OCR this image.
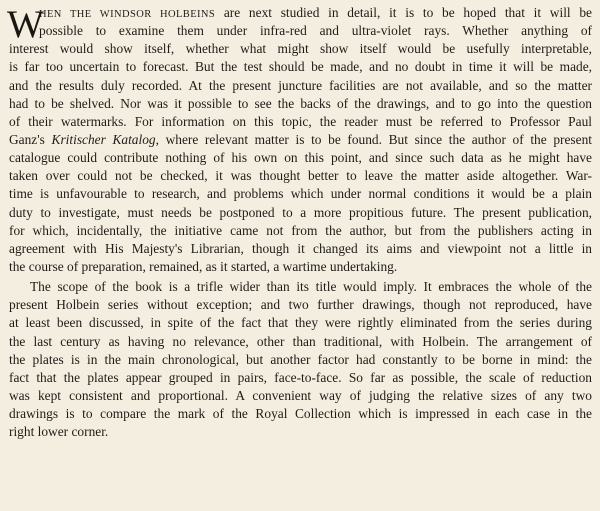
W
HEN THE WINDSOR HOLBEINS are next studied in detail, it is to be hoped that it will be
possible to examine them under infra-red and ultra-violet rays. Whether anything of
interest would show itself, whether what might show itself would be usefully interpretable,
is far too uncertain to forecast. But the test should be made, and no doubt in time it will be made,
and the results duly recorded. At the present juncture facilities are not available, and so the matter
had to be shelved. Nor was it possible to see the backs of the drawings, and to go into the question
of their watermarks. For information on this topic, the reader must be referred to Professor Paul
Ganz's Kritischer Katalog, where relevant matter is to be found. But since the author of the present
catalogue could contribute nothing of his own on this point, and since such data as he might have
taken over could not be checked, it was thought better to leave the matter aside altogether. War-
time is unfavourable to research, and problems which under normal conditions it would be a plain
duty to investigate, must needs be postponed to a more propitious future. The present publication,
for which, incidentally, the initiative came not from the author, but from the publishers acting in
agreement with His Majesty's Librarian, though it changed its aims and viewpoint not a little in
the course of preparation, remained, as it started, a wartime undertaking.
The scope of the book is a trifle wider than its title would imply. It embraces the whole of the
present Holbein series without exception; and two further drawings, though not reproduced, have
at least been discussed, in spite of the fact that they were rightly eliminated from the series during
the last century as having no relevance, other than traditional, with Holbein. The arrangement of
the plates is in the main chronological, but another factor had constantly to be borne in mind: the
fact that the plates appear grouped in pairs, face-to-face. So far as possible, the scale of reduction
was kept consistent and proportional. A convenient way of judging the relative sizes of any two
drawings is to compare the mark of the Royal Collection which is impressed in each case in the
right lower corner.
